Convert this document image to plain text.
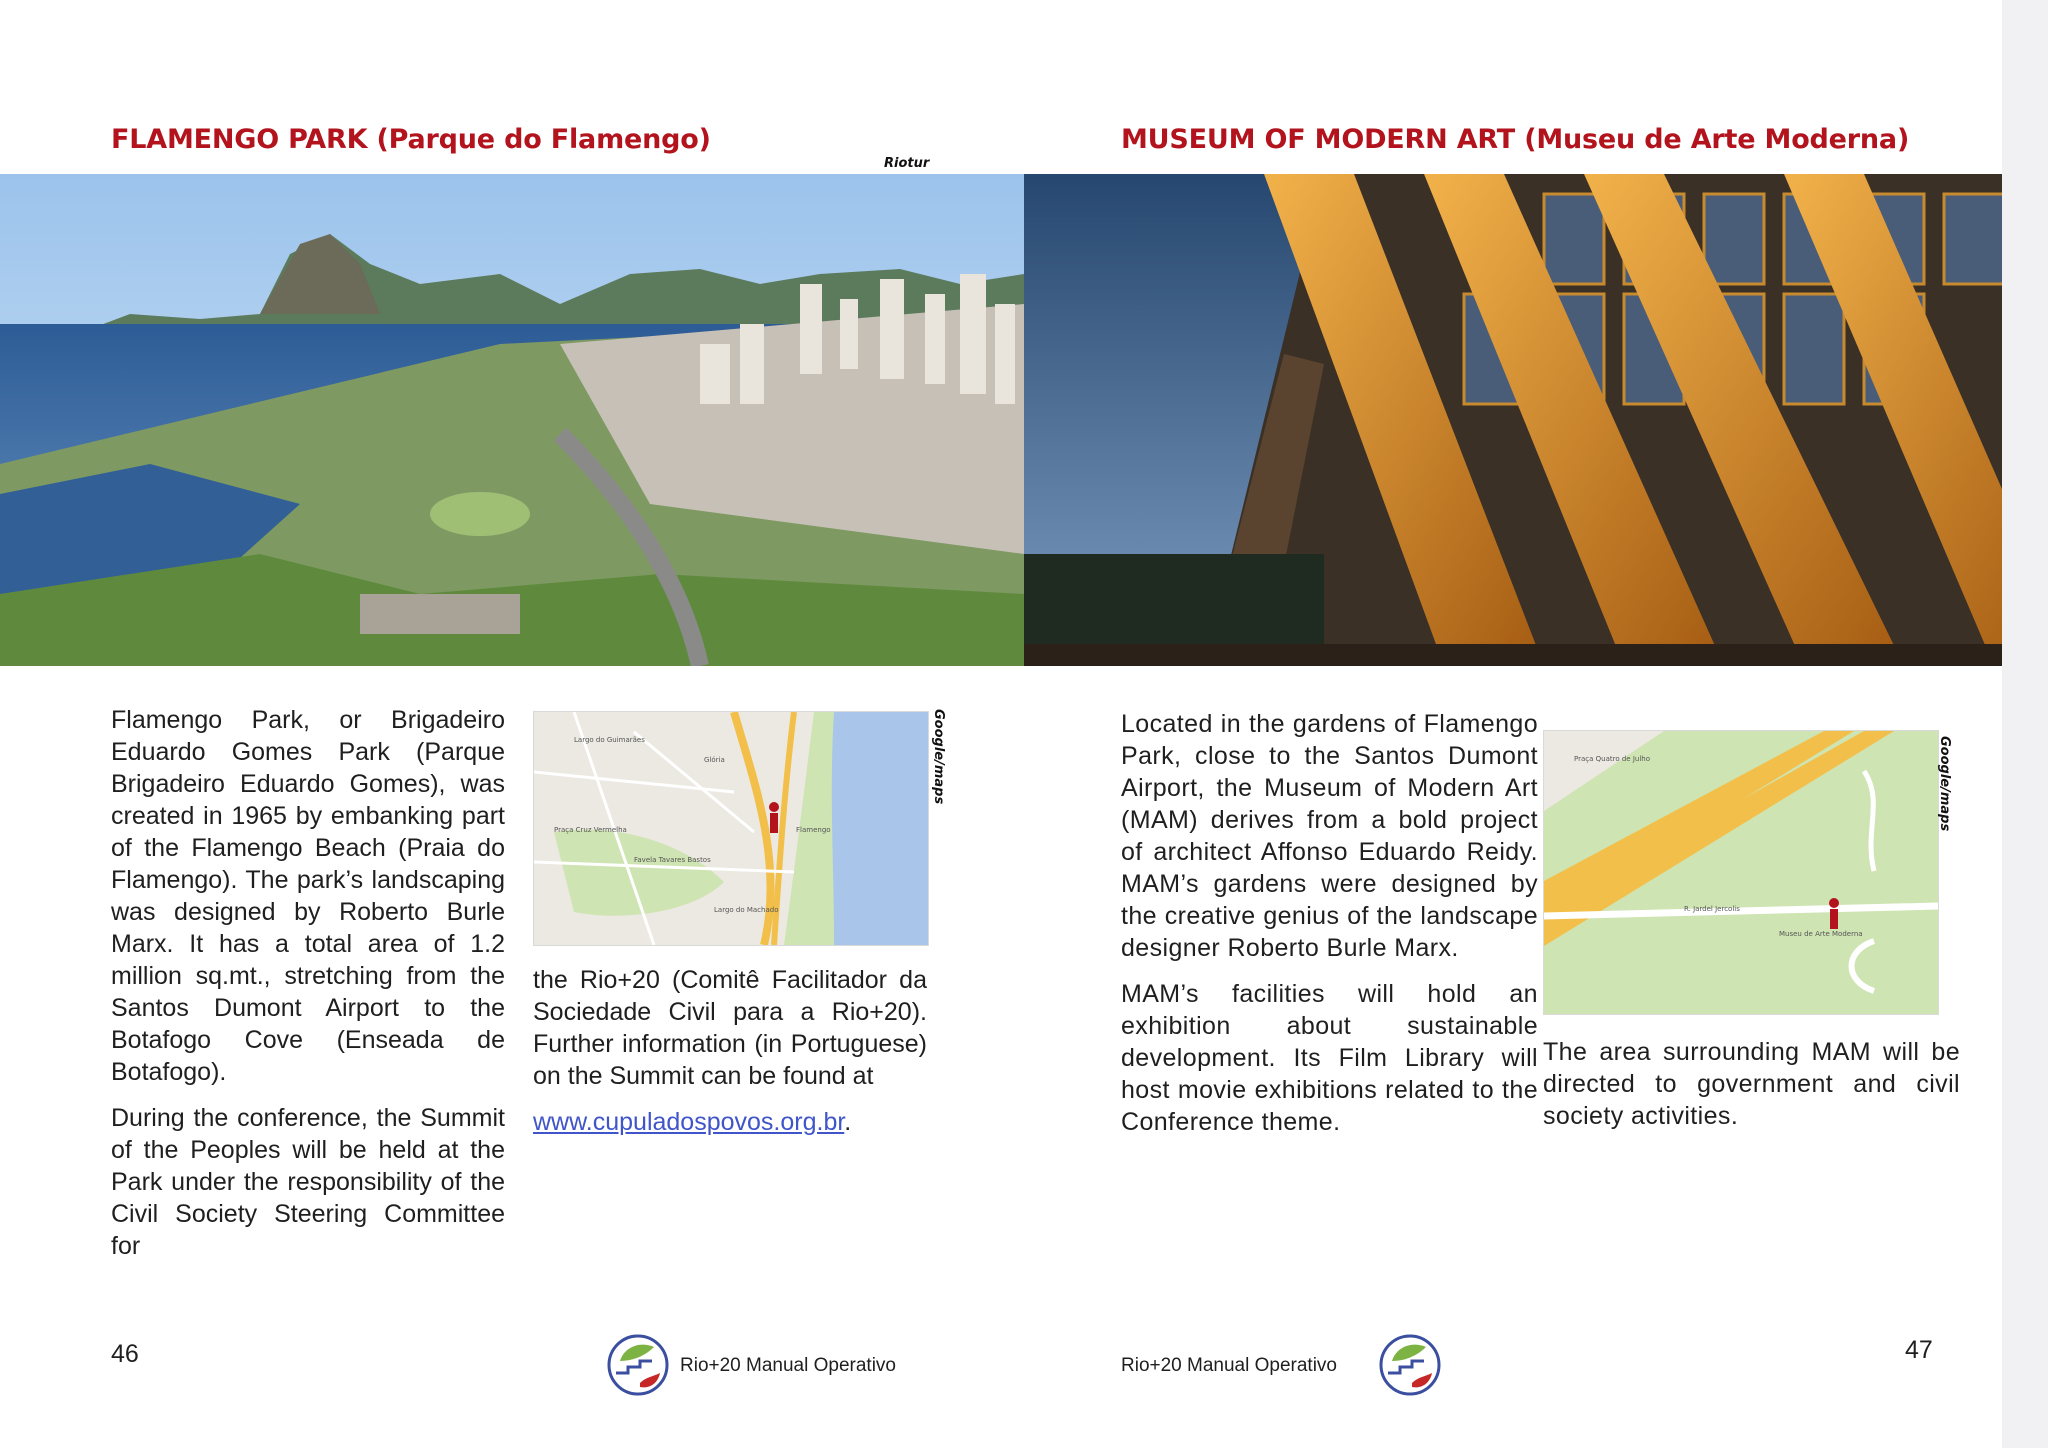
FLAMENGO PARK (Parque do Flamengo)
Riotur

Flamengo Park, or Brigadeiro Eduardo Gomes Park (Parque Brigadeiro Eduardo Gomes), was created in 1965 by embanking part of the Flamengo Beach (Praia do Flamengo). The park’s landscaping was designed by Roberto Burle Marx. It has a total area of 1.2 million sq.mt., stretching from the Santos Dumont Airport to the Botafogo Cove (Enseada de Botafogo).

During the conference, the Summit of the Peoples will be held at the Park under the responsibility of the Civil Society Steering Committee for

Largo do Guimarães
Glória
Praça Cruz Vermelha
Favela Tavares Bastos
Largo do Machado
Flamengo
Google/maps

the Rio+20 (Comitê Facilitador da Sociedade Civil para a Rio+20). Further information (in Portuguese) on the Summit can be found at

www.cupuladospovos.org.br.

46	Rio+20 Manual Operativo
MUSEUM OF MODERN ART (Museu de Arte Moderna)

Located in the gardens of Flamengo Park, close to the Santos Dumont Airport, the Museum of Modern Art (MAM) derives from a bold project of architect Affonso Eduardo Reidy. MAM’s gardens were designed by the creative genius of the landscape designer Roberto Burle Marx.

MAM’s facilities will hold an exhibition about sustainable development. Its Film Library will host movie exhibitions related to the Conference theme.

Praça Quatro de Julho
R. Jardel Jercolis
Museu de Arte Moderna
Google/maps

The area surrounding MAM will be directed to government and civil society activities.

Rio+20 Manual Operativo
47
